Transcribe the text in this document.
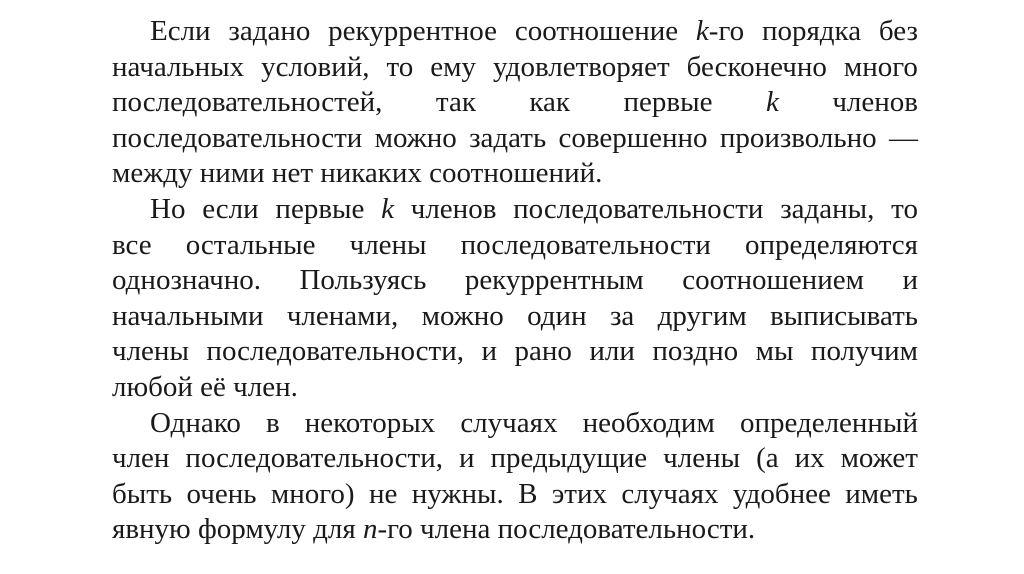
Если задано рекуррентное соотношение k-го порядка без
начальных условий, то ему удовлетворяет бесконечно много
последовательностей, так как первые k членов
последовательности можно задать совершенно произвольно —
между ними нет никаких соотношений.
Но если первые k членов последовательности заданы, то
все остальные члены последовательности определяются
однозначно. Пользуясь рекуррентным соотношением и
начальными членами, можно один за другим выписывать
члены последовательности, и рано или поздно мы получим
любой её член.
Однако в некоторых случаях необходим определенный
член последовательности, и предыдущие члены (а их может
быть очень много) не нужны. В этих случаях удобнее иметь
явную формулу для n-го члена последовательности.
